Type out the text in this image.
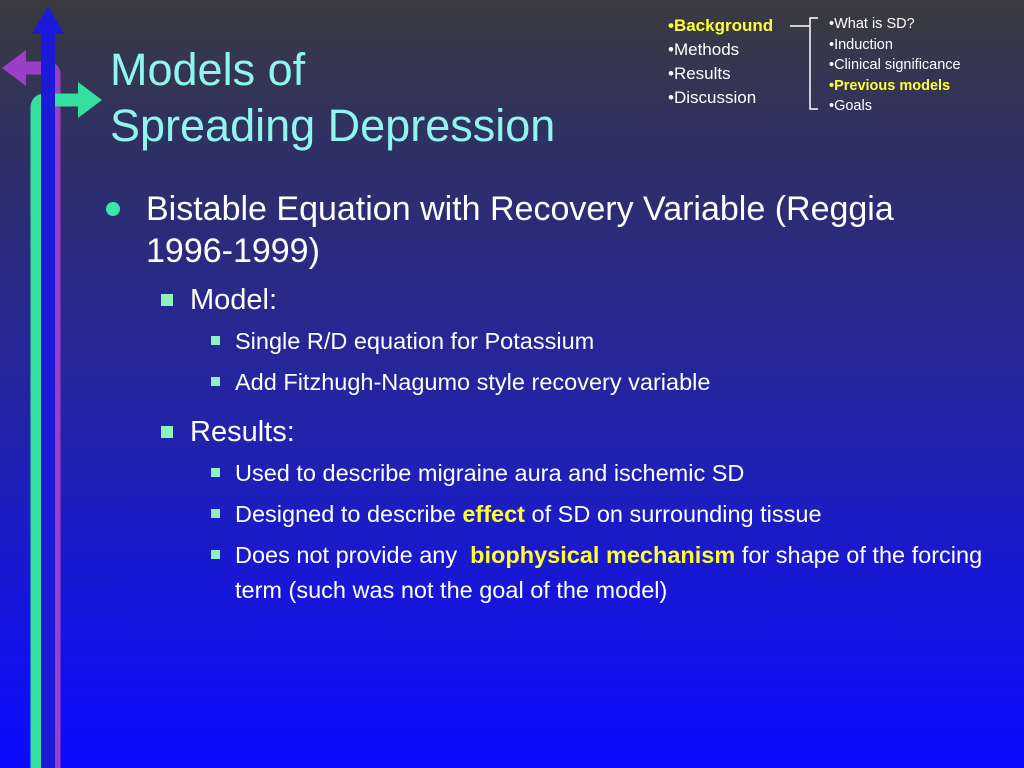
Models of
Spreading Depression
• Background
• Methods
• Results
• Discussion
• What is SD?
• Induction
• Clinical significance
• Previous models
• Goals
Bistable Equation with Recovery Variable (Reggia 1996-1999)
Model:
Single R/D equation for Potassium
Add Fitzhugh-Nagumo style recovery variable
Results:
Used to describe migraine aura and ischemic SD
Designed to describe effect of SD on surrounding tissue
Does not provide any  biophysical mechanism for shape of the forcing term (such was not the goal of the model)
